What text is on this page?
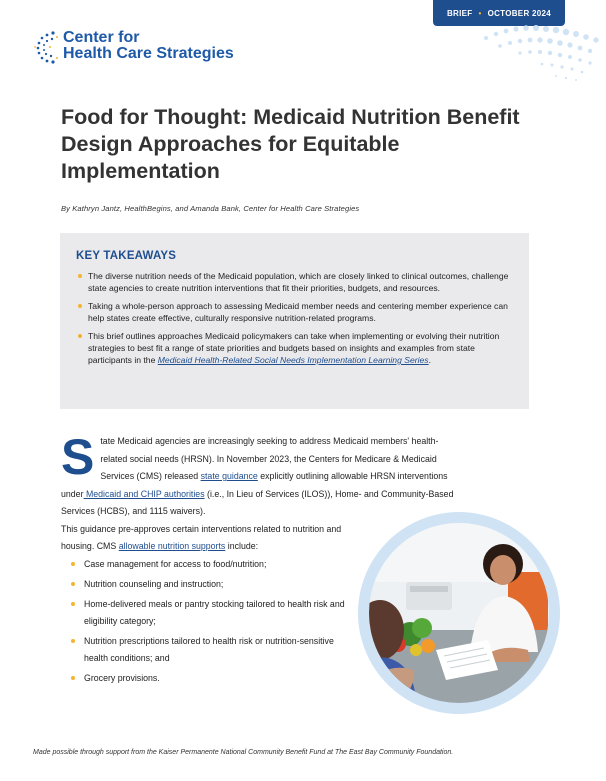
BRIEF • OCTOBER 2024
Center for
Health Care Strategies
Food for Thought: Medicaid Nutrition Benefit Design Approaches for Equitable Implementation
By Kathryn Jantz, HealthBegins, and Amanda Bank, Center for Health Care Strategies
KEY TAKEAWAYS
The diverse nutrition needs of the Medicaid population, which are closely linked to clinical outcomes, challenge state agencies to create nutrition interventions that fit their priorities, budgets, and resources.
Taking a whole-person approach to assessing Medicaid member needs and centering member experience can help states create effective, culturally responsive nutrition-related programs.
This brief outlines approaches Medicaid policymakers can take when implementing or evolving their nutrition strategies to best fit a range of state priorities and budgets based on insights and examples from state participants in the Medicaid Health-Related Social Needs Implementation Learning Series.
S tate Medicaid agencies are increasingly seeking to address Medicaid members' health-related social needs (HRSN). In November 2023, the Centers for Medicare & Medicaid Services (CMS) released state guidance explicitly outlining allowable HRSN interventions under Medicaid and CHIP authorities (i.e., In Lieu of Services (ILOS)), Home- and Community-Based Services (HCBS), and 1115 waivers).
This guidance pre-approves certain interventions related to nutrition and housing. CMS allowable nutrition supports include:
Case management for access to food/nutrition;
Nutrition counseling and instruction;
Home-delivered meals or pantry stocking tailored to health risk and eligibility category;
Nutrition prescriptions tailored to health risk or nutrition-sensitive health conditions; and
Grocery provisions.
Made possible through support from the Kaiser Permanente National Community Benefit Fund at The East Bay Community Foundation.
